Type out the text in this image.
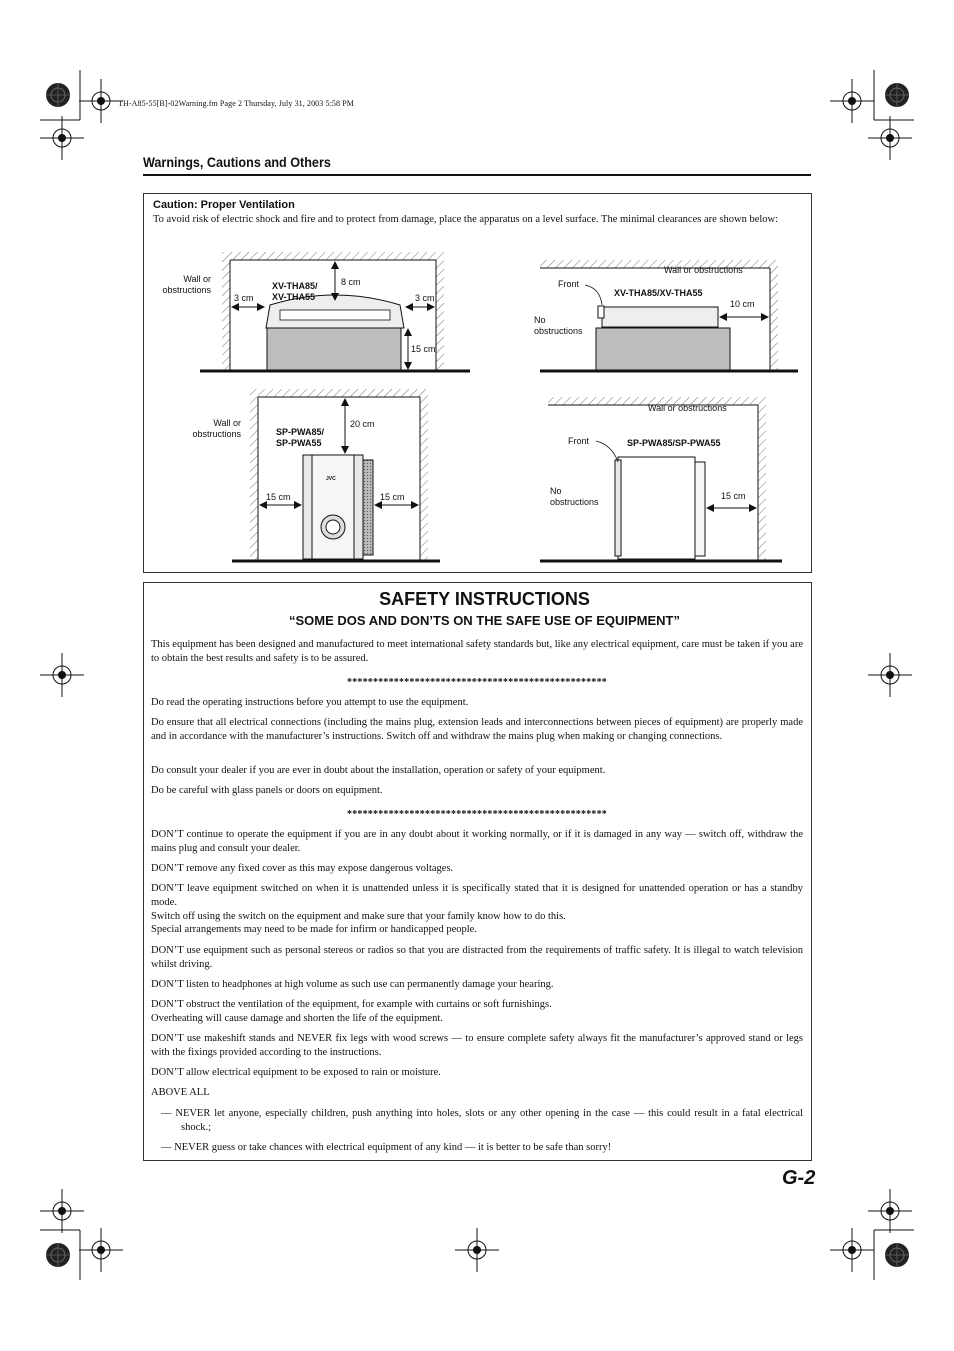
TH-A85-55[B]-02Warning.fm Page 2 Thursday, July 31, 2003 5:58 PM
Warnings, Cautions and Others
Caution: Proper Ventilation
To avoid risk of electric shock and fire and to protect from damage, place the apparatus on a level surface. The minimal clearances are shown below:
Wall or obstructions	XV-THA85/ XV-THA55
8 cm
3 cm	3 cm
15 cm
Wall or obstructions
Front
XV-THA85/XV-THA55
10 cm
No obstructions
Wall or obstructions	SP-PWA85/ SP-PWA55
20 cm
15 cm	15 cm
JVC
Wall or obstructions
Front	SP-PWA85/SP-PWA55
15 cm
No obstructions
SAFETY INSTRUCTIONS
“SOME DOS AND DON’TS ON THE SAFE USE OF EQUIPMENT”
This equipment has been designed and manufactured to meet international safety standards but, like any electrical equipment, care must be taken if you are to obtain the best results and safety is to be assured.
**************************************************
Do read the operating instructions before you attempt to use the equipment.
Do ensure that all electrical connections (including the mains plug, extension leads and interconnections between pieces of equipment) are properly made and in accordance with the manufacturer’s instructions. Switch off and withdraw the mains plug when making or changing connections.
Do consult your dealer if you are ever in doubt about the installation, operation or safety of your equipment.
Do be careful with glass panels or doors on equipment.
**************************************************
DON’T continue to operate the equipment if you are in any doubt about it working normally, or if it is damaged in any way — switch off, withdraw the mains plug and consult your dealer.
DON’T remove any fixed cover as this may expose dangerous voltages.
DON’T leave equipment switched on when it is unattended unless it is specifically stated that it is designed for unattended operation or has a standby mode.
Switch off using the switch on the equipment and make sure that your family know how to do this.
Special arrangements may need to be made for infirm or handicapped people.
DON’T use equipment such as personal stereos or radios so that you are distracted from the requirements of traffic safety. It is illegal to watch television whilst driving.
DON’T listen to headphones at high volume as such use can permanently damage your hearing.
DON’T obstruct the ventilation of the equipment, for example with curtains or soft furnishings.
Overheating will cause damage and shorten the life of the equipment.
DON’T use makeshift stands and NEVER fix legs with wood screws — to ensure complete safety always fit the manufacturer’s approved stand or legs with the fixings provided according to the instructions.
DON’T allow electrical equipment to be exposed to rain or moisture.
ABOVE ALL
— NEVER let anyone, especially children, push anything into holes, slots or any other opening in the case — this could result in a fatal electrical shock.;
— NEVER guess or take chances with electrical equipment of any kind — it is better to be safe than sorry!
G-2
